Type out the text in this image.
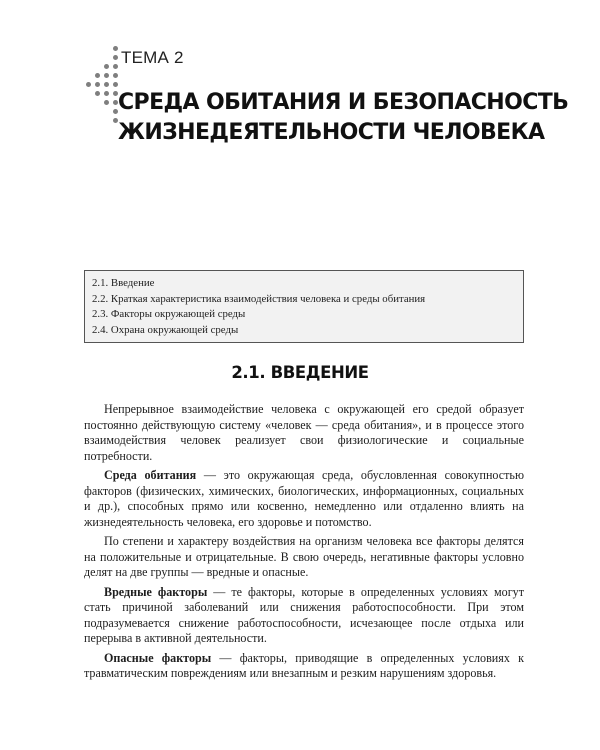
ТЕМА 2
СРЕДА ОБИТАНИЯ И БЕЗОПАСНОСТЬ
ЖИЗНЕДЕЯТЕЛЬНОСТИ ЧЕЛОВЕКА
2.1. Введение
2.2. Краткая характеристика взаимодействия человека и среды обитания
2.3. Факторы окружающей среды
2.4. Охрана окружающей среды
2.1. ВВЕДЕНИЕ

Непрерывное взаимодействие человека с окружающей его средой образует постоянно действующую систему «человек — среда обитания», и в процессе этого взаимодействия человек реализует свои физиологические и социальные потребности.

Среда обитания — это окружающая среда, обусловленная совокупностью факторов (физических, химических, биологических, информационных, социальных и др.), способных прямо или косвенно, немедленно или отдаленно влиять на жизнедеятельность человека, его здоровье и потомство.

По степени и характеру воздействия на организм человека все факторы делятся на положительные и отрицательные. В свою очередь, негативные факторы условно делят на две группы — вредные и опасные.

Вредные факторы — те факторы, которые в определенных условиях могут стать причиной заболеваний или снижения работоспособности. При этом подразумевается снижение работоспособности, исчезающее после отдыха или перерыва в активной деятельности.

Опасные факторы — факторы, приводящие в определенных условиях к травматическим повреждениям или внезапным и резким нарушениям здоровья.
